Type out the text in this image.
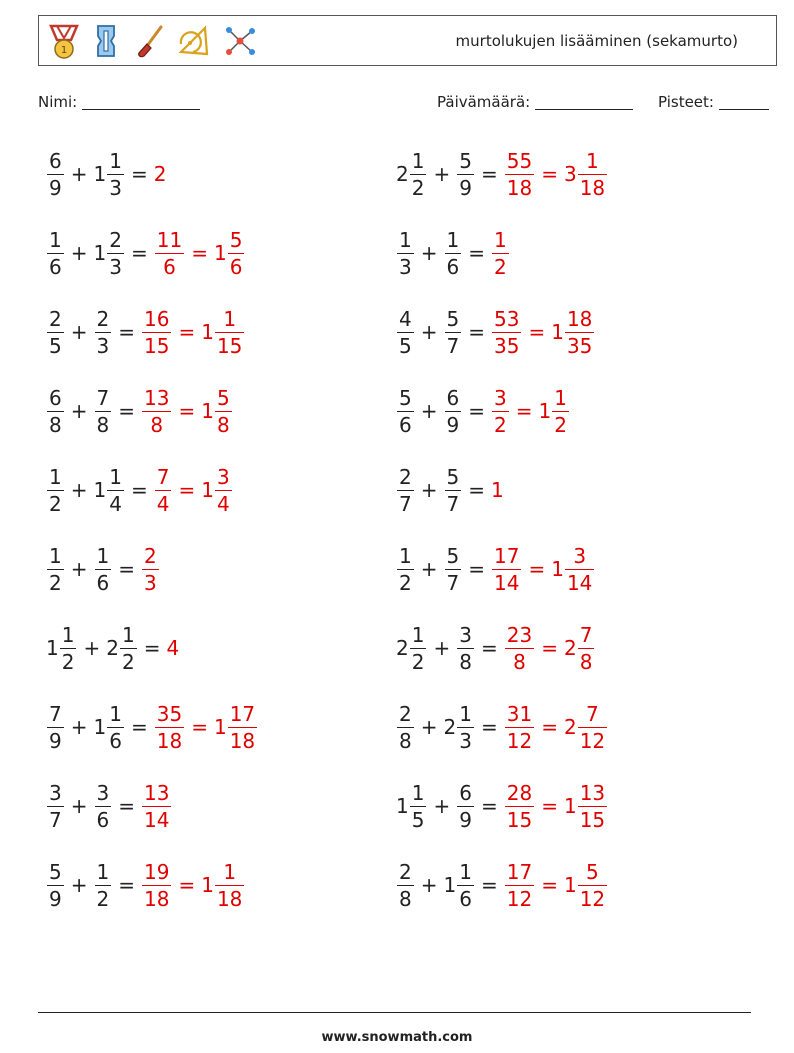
1
murtolukujen lisääminen (sekamurto)
Nimi:	Päivämäärä:	Pisteet:
$\frac{6}{9} + 1 \frac{1}{3} = 2$	$2 \frac{1}{2} + \frac{5}{9} = \frac{55}{18} = 3 \frac{1}{18}$
$\frac{1}{6} + 1 \frac{2}{3} = \frac{11}{6} = 1 \frac{5}{6}$	$\frac{1}{3} + \frac{1}{6} = \frac{1}{2}$
$\frac{2}{5} + \frac{2}{3} = \frac{16}{15} = 1 \frac{1}{15}$	$\frac{4}{5} + \frac{5}{7} = \frac{53}{35} = 1 \frac{18}{35}$
$\frac{6}{8} + \frac{7}{8} = \frac{13}{8} = 1 \frac{5}{8}$	$\frac{5}{6} + \frac{6}{9} = \frac{3}{2} = 1 \frac{1}{2}$
$\frac{1}{2} + 1 \frac{1}{4} = \frac{7}{4} = 1 \frac{3}{4}$	$\frac{2}{7} + \frac{5}{7} = 1$
$\frac{1}{2} + \frac{1}{6} = \frac{2}{3}$	$\frac{1}{2} + \frac{5}{7} = \frac{17}{14} = 1 \frac{3}{14}$
$1 \frac{1}{2} + 2 \frac{1}{2} = 4$	$2 \frac{1}{2} + \frac{3}{8} = \frac{23}{8} = 2 \frac{7}{8}$
$\frac{7}{9} + 1 \frac{1}{6} = \frac{35}{18} = 1 \frac{17}{18}$	$\frac{2}{8} + 2 \frac{1}{3} = \frac{31}{12} = 2 \frac{7}{12}$
$\frac{3}{7} + \frac{3}{6} = \frac{13}{14}$	$1 \frac{1}{5} + \frac{6}{9} = \frac{28}{15} = 1 \frac{13}{15}$
$\frac{5}{9} + \frac{1}{2} = \frac{19}{18} = 1 \frac{1}{18}$	$\frac{2}{8} + 1 \frac{1}{6} = \frac{17}{12} = 1 \frac{5}{12}$
www.snowmath.com
